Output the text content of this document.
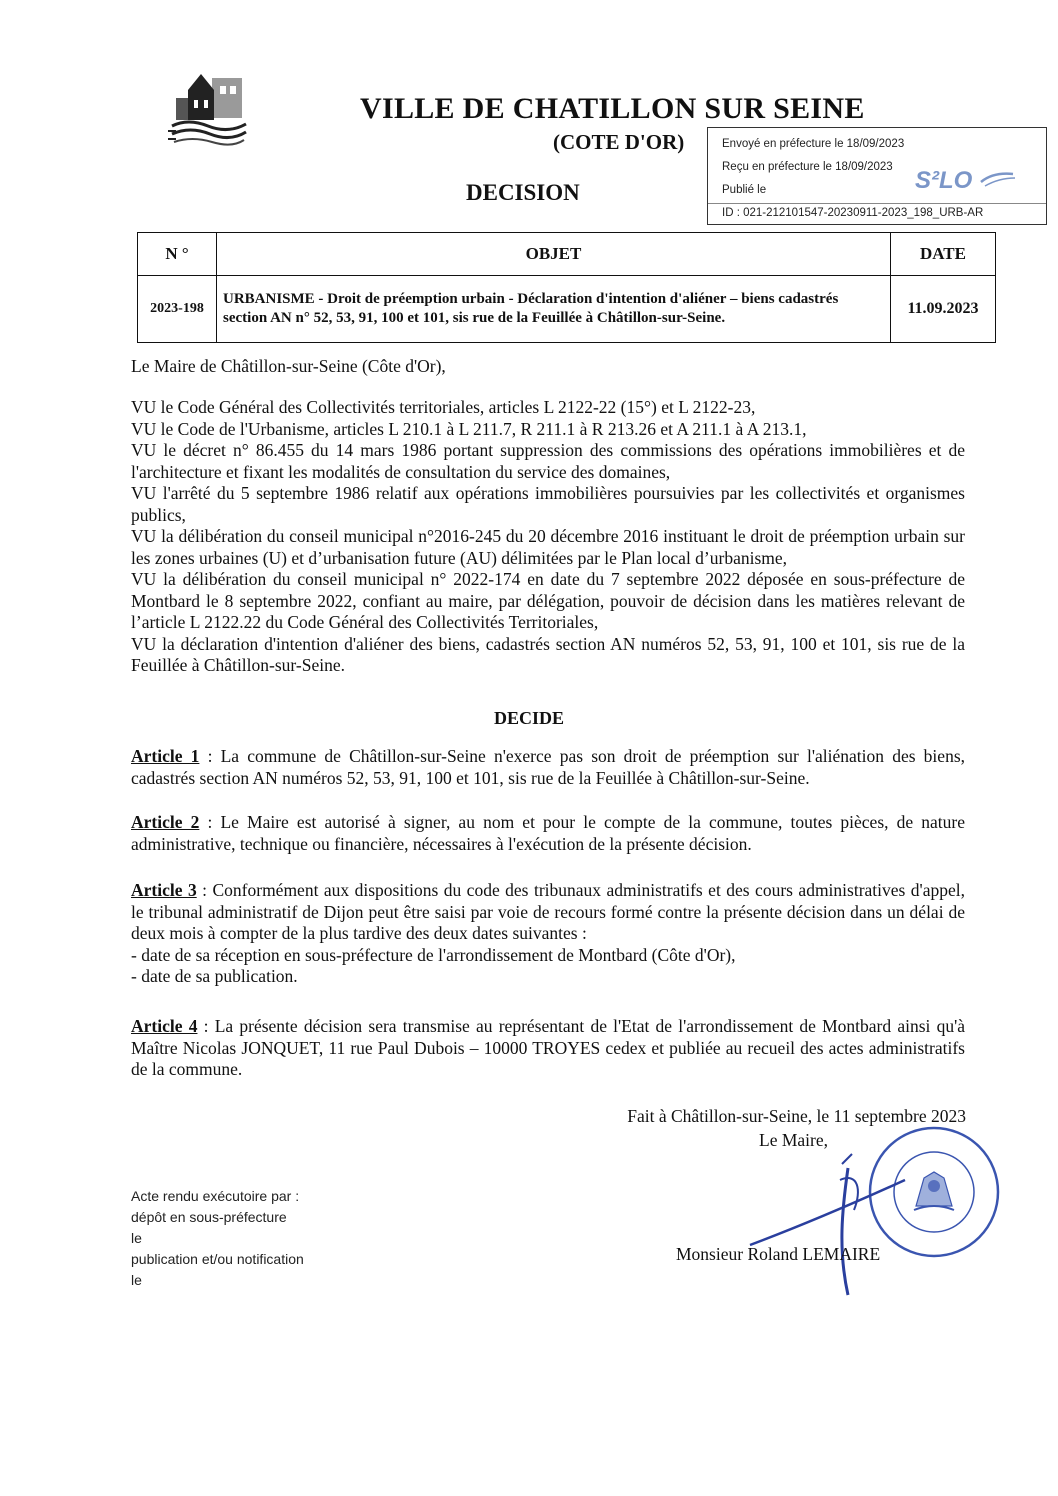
VILLE DE CHATILLON SUR SEINE
(COTE D'OR)
DECISION
Envoyé en préfecture le 18/09/2023
Reçu en préfecture le 18/09/2023
Publié le
ID : 021-212101547-20230911-2023_198_URB-AR
S²LO
N °	OBJET	DATE
2023-198	URBANISME - Droit de préemption urbain - Déclaration d'intention d'aliéner – biens cadastrés section AN n° 52, 53, 91, 100 et 101, sis rue de la Feuillée à Châtillon-sur-Seine.	11.09.2023
Le Maire de Châtillon-sur-Seine (Côte d'Or),

VU le Code Général des Collectivités territoriales, articles L 2122-22 (15°) et L 2122-23,

VU le Code de l'Urbanisme, articles L 210.1 à L 211.7, R 211.1 à R 213.26 et A 211.1 à A 213.1,

VU le décret n° 86.455 du 14 mars 1986 portant suppression des commissions des opérations immobilières et de l'architecture et fixant les modalités de consultation du service des domaines,

VU l'arrêté du 5 septembre 1986 relatif aux opérations immobilières poursuivies par les collectivités et organismes publics,

VU la délibération du conseil municipal n°2016-245 du 20 décembre 2016 instituant le droit de préemption urbain sur les zones urbaines (U) et d’urbanisation future (AU) délimitées par le Plan local d’urbanisme,

VU la délibération du conseil municipal n° 2022-174 en date du 7 septembre 2022 déposée en sous-préfecture de Montbard le 8 septembre 2022, confiant au maire, par délégation, pouvoir de décision dans les matières relevant de l’article L 2122.22 du Code Général des Collectivités Territoriales,

VU la déclaration d'intention d'aliéner des biens, cadastrés section AN numéros 52, 53, 91, 100 et 101, sis rue de la Feuillée à Châtillon-sur-Seine.

DECIDE

Article 1 : La commune de Châtillon-sur-Seine n'exerce pas son droit de préemption sur l'aliénation des biens, cadastrés section AN numéros 52, 53, 91, 100 et 101, sis rue de la Feuillée à Châtillon-sur-Seine.

Article 2 : Le Maire est autorisé à signer, au nom et pour le compte de la commune, toutes pièces, de nature administrative, technique ou financière, nécessaires à l'exécution de la présente décision.

Article 3 : Conformément aux dispositions du code des tribunaux administratifs et des cours administratives d'appel, le tribunal administratif de Dijon peut être saisi par voie de recours formé contre la présente décision dans un délai de deux mois à compter de la plus tardive des deux dates suivantes :

- date de sa réception en sous-préfecture de l'arrondissement de Montbard (Côte d'Or),

- date de sa publication.

Article 4 : La présente décision sera transmise au représentant de l'Etat de l'arrondissement de Montbard ainsi qu'à Maître Nicolas JONQUET, 11 rue Paul Dubois – 10000 TROYES cedex et publiée au recueil des actes administratifs de la commune.

Fait à Châtillon-sur-Seine, le 11 septembre 2023
Le Maire,
Monsieur Roland LEMAIRE
Acte rendu exécutoire par :
dépôt en sous-préfecture
le
publication et/ou notification
le
